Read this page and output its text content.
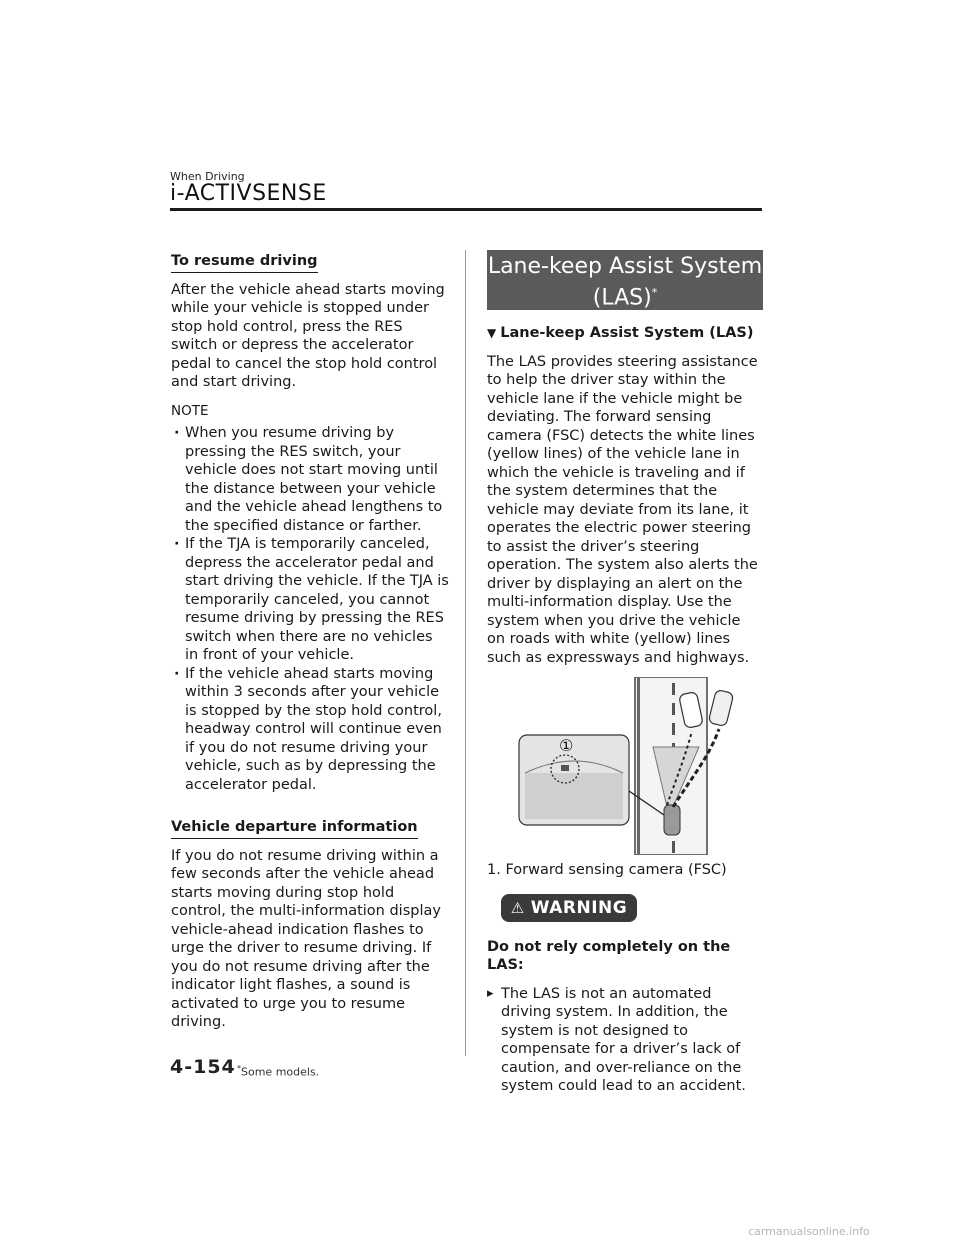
When Driving
i-ACTIVSENSE
To resume driving

After the vehicle ahead starts moving while your vehicle is stopped under stop hold control, press the RES switch or depress the accelerator pedal to cancel the stop hold control and start driving.

NOTE
· When you resume driving by pressing the RES switch, your vehicle does not start moving until the distance between your vehicle and the vehicle ahead lengthens to the specified distance or farther.
· If the TJA is temporarily canceled, depress the accelerator pedal and start driving the vehicle. If the TJA is temporarily canceled, you cannot resume driving by pressing the RES switch when there are no vehicles in front of your vehicle.
· If the vehicle ahead starts moving within 3 seconds after your vehicle is stopped by the stop hold control, headway control will continue even if you do not resume driving your vehicle, such as by depressing the accelerator pedal.
Vehicle departure information

If you do not resume driving within a few seconds after the vehicle ahead starts moving during stop hold control, the multi-information display vehicle-ahead indication flashes to urge the driver to resume driving. If you do not resume driving after the indicator light flashes, a sound is activated to urge you to resume driving.

Lane-keep Assist System
(LAS)*
▼ Lane-keep Assist System (LAS)

The LAS provides steering assistance to help the driver stay within the vehicle lane if the vehicle might be deviating. The forward sensing camera (FSC) detects the white lines (yellow lines) of the vehicle lane in which the vehicle is traveling and if the system determines that the vehicle may deviate from its lane, it operates the electric power steering to assist the driver’s steering operation. The system also alerts the driver by displaying an alert on the multi-information display. Use the system when you drive the vehicle on roads with white (yellow) lines such as expressways and highways.

①

1. Forward sensing camera (FSC)

⚠ WARNING
Do not rely completely on the LAS:
▸ The LAS is not an automated driving system. In addition, the system is not designed to compensate for a driver’s lack of caution, and over-reliance on the system could lead to an accident.
4-154 *Some models.
carmanualsonline.info
